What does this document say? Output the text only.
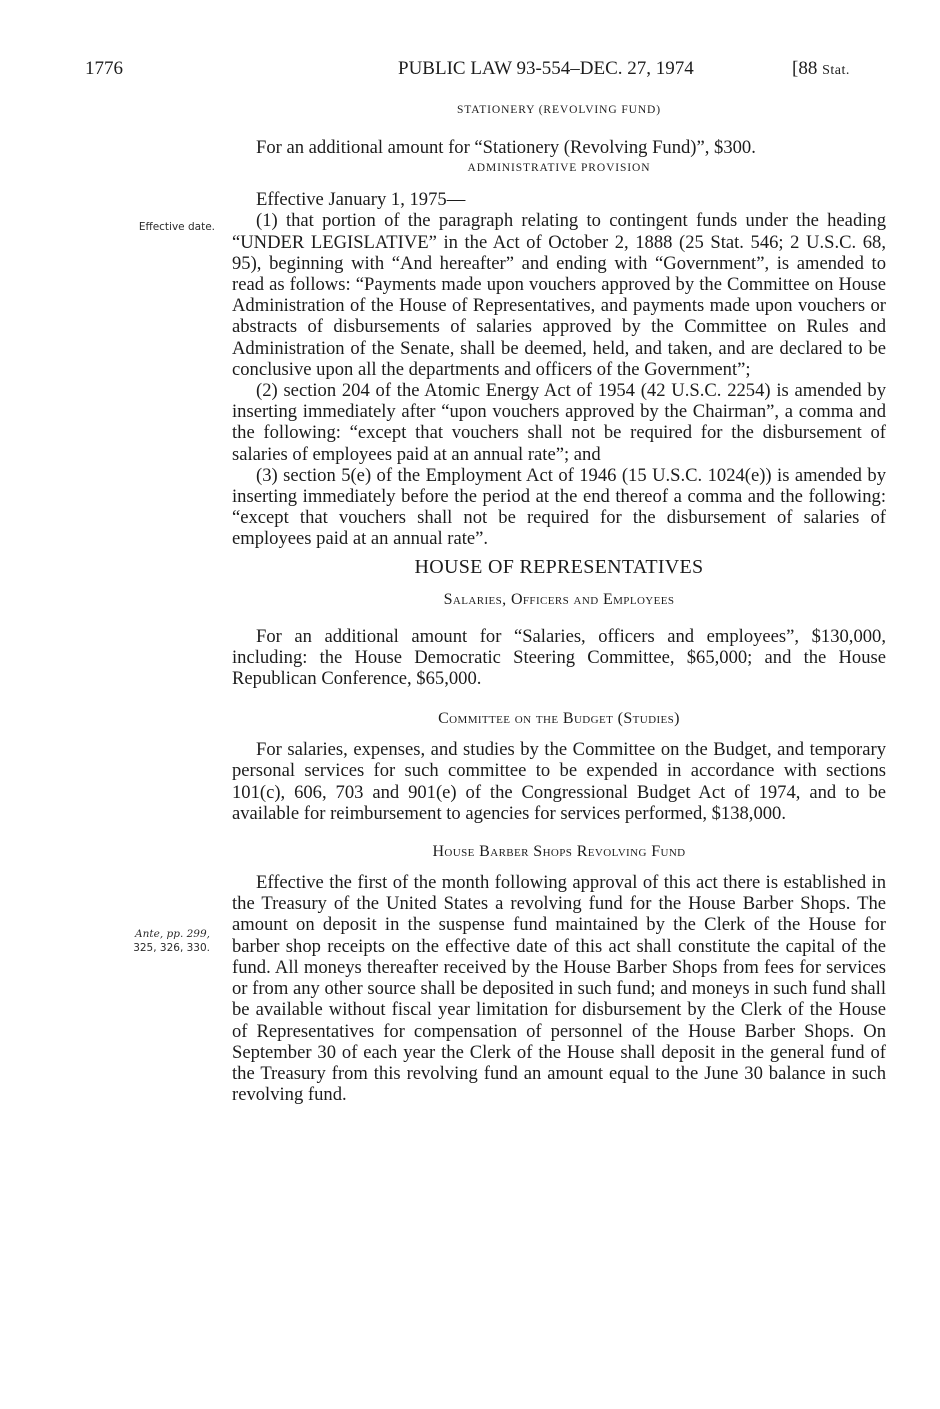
1776	PUBLIC LAW 93-554–DEC. 27, 1974	[88 Stat.
Effective date.
Ante, pp. 299,
325, 326, 330.

STATIONERY (REVOLVING FUND)

For an additional amount for “Stationery (Revolving Fund)”, $300.

ADMINISTRATIVE PROVISION

Effective January 1, 1975—

(1) that portion of the paragraph relating to contingent funds under the heading “UNDER LEGISLATIVE” in the Act of October 2, 1888 (25 Stat. 546; 2 U.S.C. 68, 95), beginning with “And hereafter” and ending with “Government”, is amended to read as follows: “Payments made upon vouchers approved by the Committee on House Administration of the House of Representatives, and payments made upon vouchers or abstracts of disbursements of salaries approved by the Committee on Rules and Administration of the Senate, shall be deemed, held, and taken, and are declared to be conclusive upon all the departments and officers of the Government”;

(2) section 204 of the Atomic Energy Act of 1954 (42 U.S.C. 2254) is amended by inserting immediately after “upon vouchers approved by the Chairman”, a comma and the following: “except that vouchers shall not be required for the disbursement of salaries of employees paid at an annual rate”; and

(3) section 5(e) of the Employment Act of 1946 (15 U.S.C. 1024(e)) is amended by inserting immediately before the period at the end thereof a comma and the following: “except that vouchers shall not be required for the disbursement of salaries of employees paid at an annual rate”.

HOUSE OF REPRESENTATIVES

Salaries, Officers and Employees

For an additional amount for “Salaries, officers and employees”, $130,000, including: the House Democratic Steering Committee, $65,000; and the House Republican Conference, $65,000.

Committee on the Budget (Studies)

For salaries, expenses, and studies by the Committee on the Budget, and temporary personal services for such committee to be expended in accordance with sections 101(c), 606, 703 and 901(e) of the Congressional Budget Act of 1974, and to be available for reimbursement to agencies for services performed, $138,000.

House Barber Shops Revolving Fund

Effective the first of the month following approval of this act there is established in the Treasury of the United States a revolving fund for the House Barber Shops. The amount on deposit in the suspense fund maintained by the Clerk of the House for barber shop receipts on the effective date of this act shall constitute the capital of the fund. All moneys thereafter received by the House Barber Shops from fees for services or from any other source shall be deposited in such fund; and moneys in such fund shall be available without fiscal year limitation for disbursement by the Clerk of the House of Representatives for compensation of personnel of the House Barber Shops. On September 30 of each year the Clerk of the House shall deposit in the general fund of the Treasury from this revolving fund an amount equal to the June 30 balance in such revolving fund.
